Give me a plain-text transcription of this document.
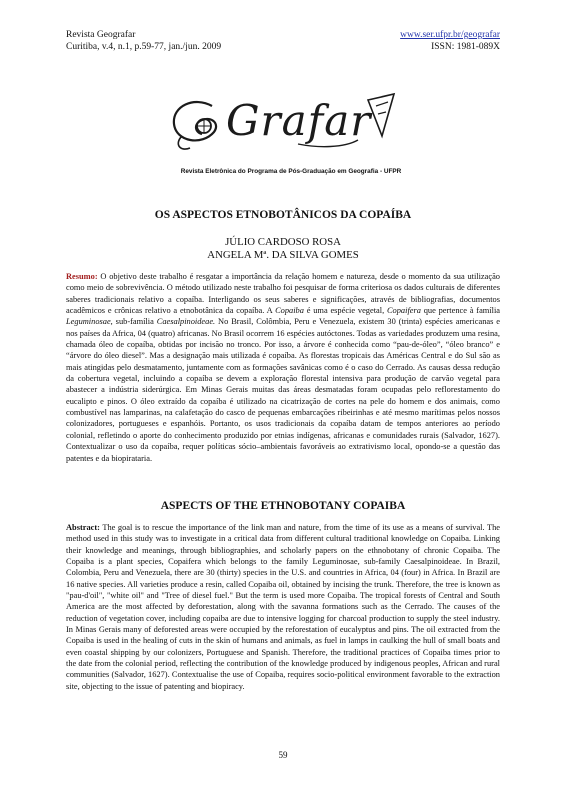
Revista Geografar
Curitiba, v.4, n.1, p.59-77, jan./jun. 2009
www.ser.ufpr.br/geografar
ISSN: 1981-089X
Grafar
Revista Eletrônica do Programa de Pós-Graduação em Geografia - UFPR
OS ASPECTOS ETNOBOTÂNICOS DA COPAÍBA
JÚLIO CARDOSO ROSA
ANGELA Mª. DA SILVA GOMES
Resumo: O objetivo deste trabalho é resgatar a importância da relação homem e natureza, desde o momento da sua utilização como meio de sobrevivência. O método utilizado neste trabalho foi pesquisar de forma criteriosa os dados culturais de diferentes saberes tradicionais relativo a copaíba. Interligando os seus saberes e significações, através de bibliografias, documentos acadêmicos e crônicas relativo a etnobotânica da copaíba. A Copaiba é uma espécie vegetal, Copaifera que pertence à família Leguminosae, sub-família Caesalpinoideae. No Brasil, Colômbia, Peru e Venezuela, existem 30 (trinta) espécies americanas e nos países da Africa, 04 (quatro) africanas. No Brasil ocorrem 16 espécies autóctones. Todas as variedades produzem uma resina, chamada óleo de copaíba, obtidas por incisão no tronco. Por isso, a árvore é conhecida como “pau-de-óleo”, “óleo branco” e “árvore do óleo diesel”. Mas a designação mais utilizada é copaíba. As florestas tropicais das Américas Central e do Sul são as mais atingidas pelo desmatamento, juntamente com as formações savânicas como é o caso do Cerrado. As causas dessa redução da cobertura vegetal, incluindo a copaíba se devem a exploração florestal intensiva para produção de carvão vegetal para abastecer a indústria siderúrgica. Em Minas Gerais muitas das áreas desmatadas foram ocupadas pelo reflorestamento do eucalipto e pinos. O óleo extraído da copaíba é utilizado na cicatrização de cortes na pele do homem e dos animais, como combustível nas lamparinas, na calafetação do casco de pequenas embarcações ribeirinhas e até mesmo marítimas pelos nossos colonizadores, portugueses e espanhóis. Portanto, os usos tradicionais da copaíba datam de tempos anteriores ao período colonial, refletindo o aporte do conhecimento produzido por etnias indígenas, africanas e comunidades rurais (Salvador, 1627). Contextualizar o uso da copaíba, requer políticas sócio–ambientais favoráveis ao extrativismo local, opondo-se a questão das patentes e da biopirataria.
ASPECTS OF THE ETHNOBOTANY COPAIBA
Abstract: The goal is to rescue the importance of the link man and nature, from the time of its use as a means of survival. The method used in this study was to investigate in a critical data from different cultural traditional knowledge on Copaiba. Linking their knowledge and meanings, through bibliographies, and scholarly papers on the ethnobotany of chronic Copaiba. The Copaiba is a plant species, Copaifera which belongs to the family Leguminosae, sub-family Caesalpinoideae. In Brazil, Colombia, Peru and Venezuela, there are 30 (thirty) species in the U.S. and countries in Africa, 04 (four) in Africa. In Brazil are 16 native species. All varieties produce a resin, called Copaiba oil, obtained by incising the trunk. Therefore, the tree is known as "pau-d'oil", "white oil" and "Tree of diesel fuel." But the term is used more Copaiba. The tropical forests of Central and South America are the most affected by deforestation, along with the savanna formations such as the Cerrado. The causes of the reduction of vegetation cover, including copaiba are due to intensive logging for charcoal production to supply the steel industry. In Minas Gerais many of deforested areas were occupied by the reforestation of eucalyptus and pins. The oil extracted from the Copaiba is used in the healing of cuts in the skin of humans and animals, as fuel in lamps in caulking the hull of small boats and even coastal shipping by our colonizers, Portuguese and Spanish. Therefore, the traditional practices of Copaiba times prior to the date from the colonial period, reflecting the contribution of the knowledge produced by indigenous peoples, African and rural communities (Salvador, 1627). Contextualise the use of Copaiba, requires socio-political environment favorable to the extraction site, objecting to the issue of patenting and biopiracy.
59
